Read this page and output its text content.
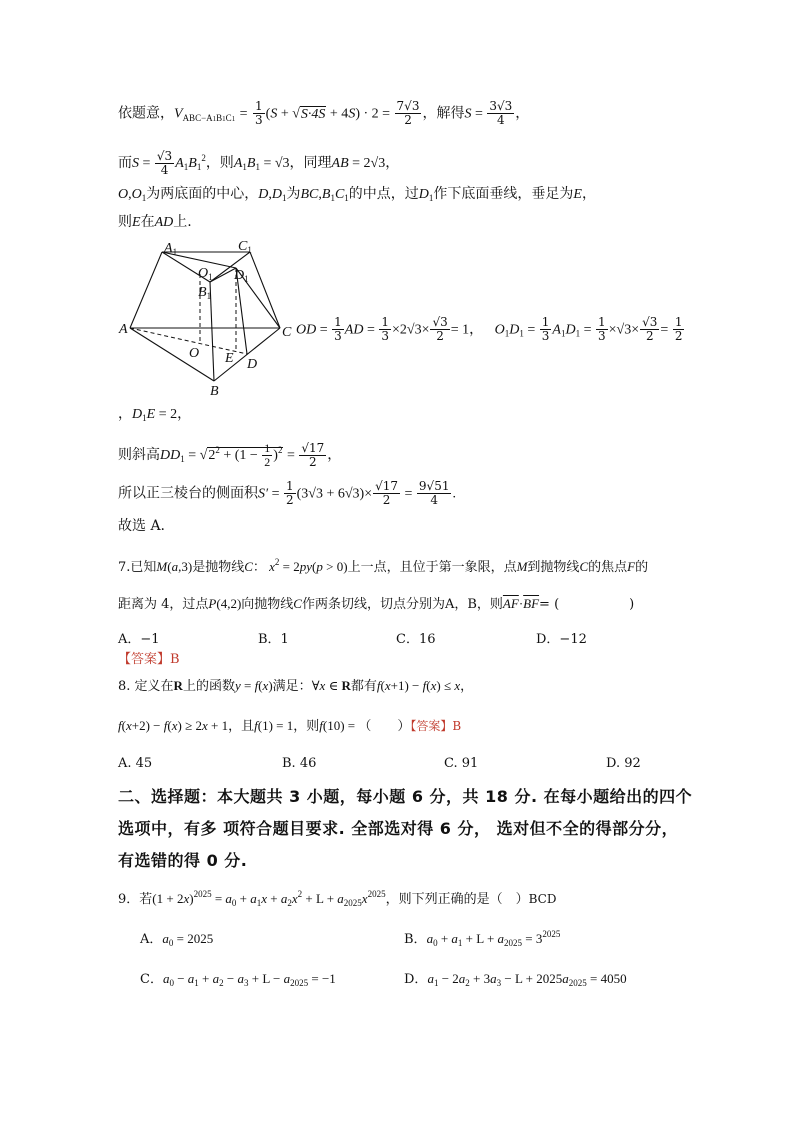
依题意，$V_{ABC-A1B1C1} = \frac{1}{3} (S + √S\cdot 4S + 4S) \cdot 2 = \frac{7√3}{2}$ ，解得$S = \frac{3√3}{4}$ ，
而$S = \frac{√3}{4} A_1B_1^2$，则$A_1B_1 = √3$，同理AB = 2√3，
$O,O_1$为两底面的中心，$D,D_1$为$BC,B_1C_1$的中点，过$D_1$作下底面垂线，垂足为E，
则E在AD上.
$A_1$	$C_1$
$O_1$ $D_1$
$B_1$
A	C
O E D
B
OD = $\frac{1}{3}$ AD = $\frac{1}{3} \times 2√3\times \frac{√3}{2} = 1$，   $O_1D_1 = \frac{1}{3} A_1D_1 = \frac{1}{3} \times√3\times \frac{√3}{2} = \frac{1}{2}$
，$D_1E = 2$，
则斜高$DD_1 = √2^2 + (1 - \frac{1}{2} )^2 = \frac{√17}{2}$ ，
所以正三棱台的侧面积$S' = \frac{1}{2} (3√3 + 6√3)\times \frac{√17}{2} = \frac{9√51}{4}$ .
故选 A.
7.已知M(a,3)是抛物线C： $x^2 = 2py(p > 0)$上一点，且位于第一象限，点M到抛物线C的焦点F的
距离为 4，过点P(4,2)向抛物线C作两条切线，切点分别为A，B，则$\overline{AF}\cdot\overline{BF}=$ (	)
A．−1	B．1	C．16	D．−12
【答案】B
8. 定义在R上的函数y = f(x)满足：∀x ∈ R都有f(x+1) − f(x) ≤ x，
f(x+2) − f(x) ≥ 2x + 1，且f(1) = 1，则f(10) = （　　）【答案】B
A. 45	B. 46	C. 91	D. 92
二、选择题：本大题共 3 小题，每小题 6 分，共 18 分. 在每小题给出的四个
选项中，有多 项符合题目要求. 全部选对得 6 分， 选对但不全的得部分分，
有选错的得 0 分.
9．若$(1 + 2x)^{2025} = a_0 + a_1x + a_2x^2 + L + a_{2025}x^{2025}$，则下列正确的是（　）BCD
A．$a_0 = 2025$	B．$a_0 + a_1 + L + a_{2025} = 3^{2025}$
C．$a_0 - a_1 + a_2 - a_3 + L - a_{2025} = -1$	D．$a_1 - 2a_2 + 3a_3 - L + 2025a_{2025} = 4050$
